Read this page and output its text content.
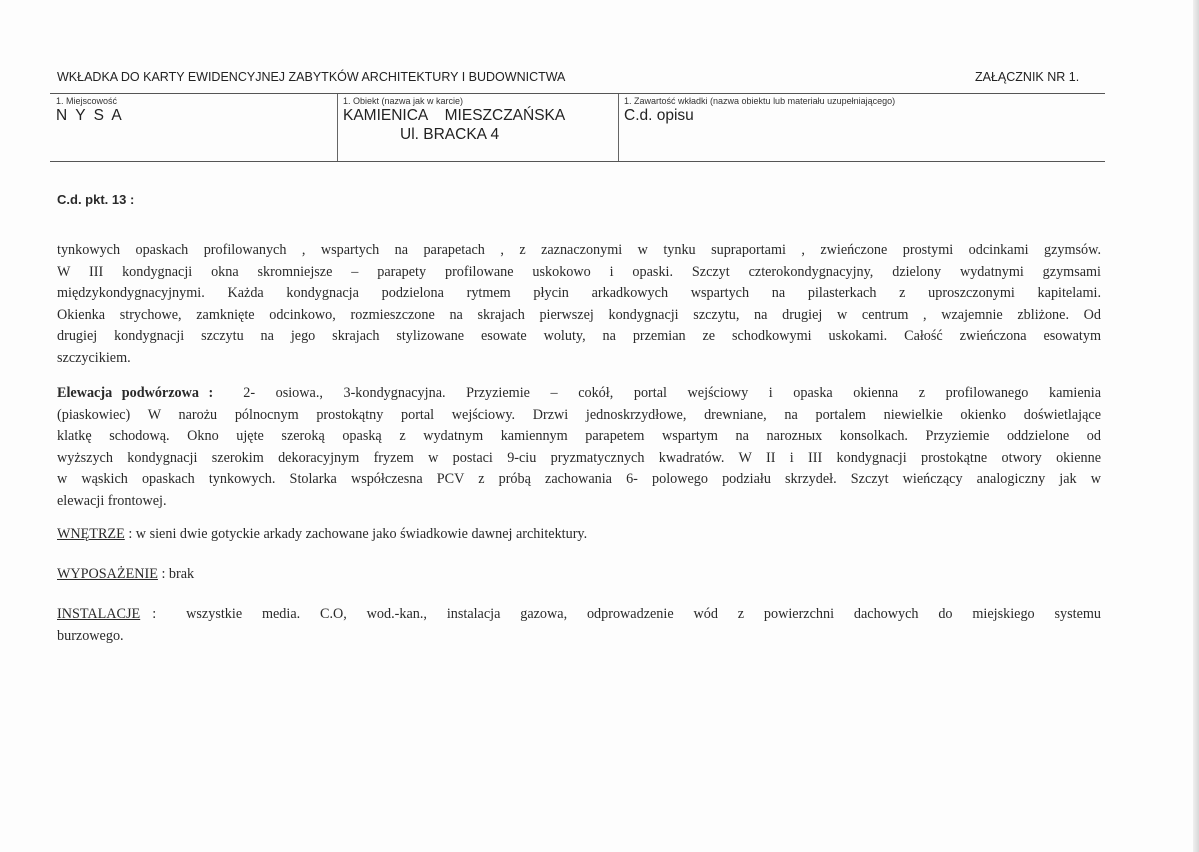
WKŁADKA DO KARTY EWIDENCYJNEJ ZABYTKÓW ARCHITEKTURY I BUDOWNICTWA	ZAŁĄCZNIK NR 1.
1. Miejscowość
N Y S A
1. Obiekt (nazwa jak w karcie)
KAMIENICA    MIESZCZAŃSKA
Ul. BRACKA 4
1. Zawartość wkładki (nazwa obiektu lub materiału uzupełniającego)
C.d. opisu
C.d. pkt. 13 :
tynkowych opaskach profilowanych , wspartych na parapetach , z zaznaczonymi w tynku supraportami , zwieńczone prostymi odcinkami gzymsów.
W III kondygnacji okna skromniejsze – parapety profilowane uskokowo i opaski. Szczyt czterokondygnacyjny, dzielony wydatnymi gzymsami
międzykondygnacyjnymi. Każda kondygnacja podzielona rytmem płycin arkadkowych wspartych na pilasterkach z uproszczonymi kapitelami.
Okienka strychowe, zamknięte odcinkowo, rozmieszczone na skrajach pierwszej kondygnacji szczytu, na drugiej w centrum , wzajemnie zbliżone. Od
drugiej kondygnacji szczytu na jego skrajach stylizowane esowate woluty, na przemian ze schodkowymi uskokami. Całość zwieńczona esowatym
szczycikiem.
Elewacja podwórzowa : 2- osiowa., 3-kondygnacyjna. Przyziemie – cokół, portal wejściowy i opaska okienna z profilowanego kamienia
(piaskowiec) W narożu pólnocnym prostokątny portal wejściowy. Drzwi jednoskrzydłowe, drewniane, na portalem niewielkie okienko doświetlające
klatkę schodową. Okno ujęte szeroką opaską z wydatnym kamiennym parapetem wspartym na narozных konsolkach. Przyziemie oddzielone od
wyższych kondygnacji szerokim dekoracyjnym fryzem w postaci 9-ciu pryzmatycznych kwadratów. W II i III kondygnacji prostokątne otwory okienne
w wąskich opaskach tynkowych. Stolarka współczesna PCV z próbą zachowania 6- polowego podziału skrzydeł. Szczyt wieńczący analogiczny jak w
elewacji frontowej.
WNĘTRZE : w sieni dwie gotyckie arkady zachowane jako świadkowie dawnej architektury.
WYPOSAŻENIE : brak
INSTALACJE : wszystkie media. C.O, wod.-kan., instalacja gazowa, odprowadzenie wód z powierzchni dachowych do miejskiego systemu
burzowego.
